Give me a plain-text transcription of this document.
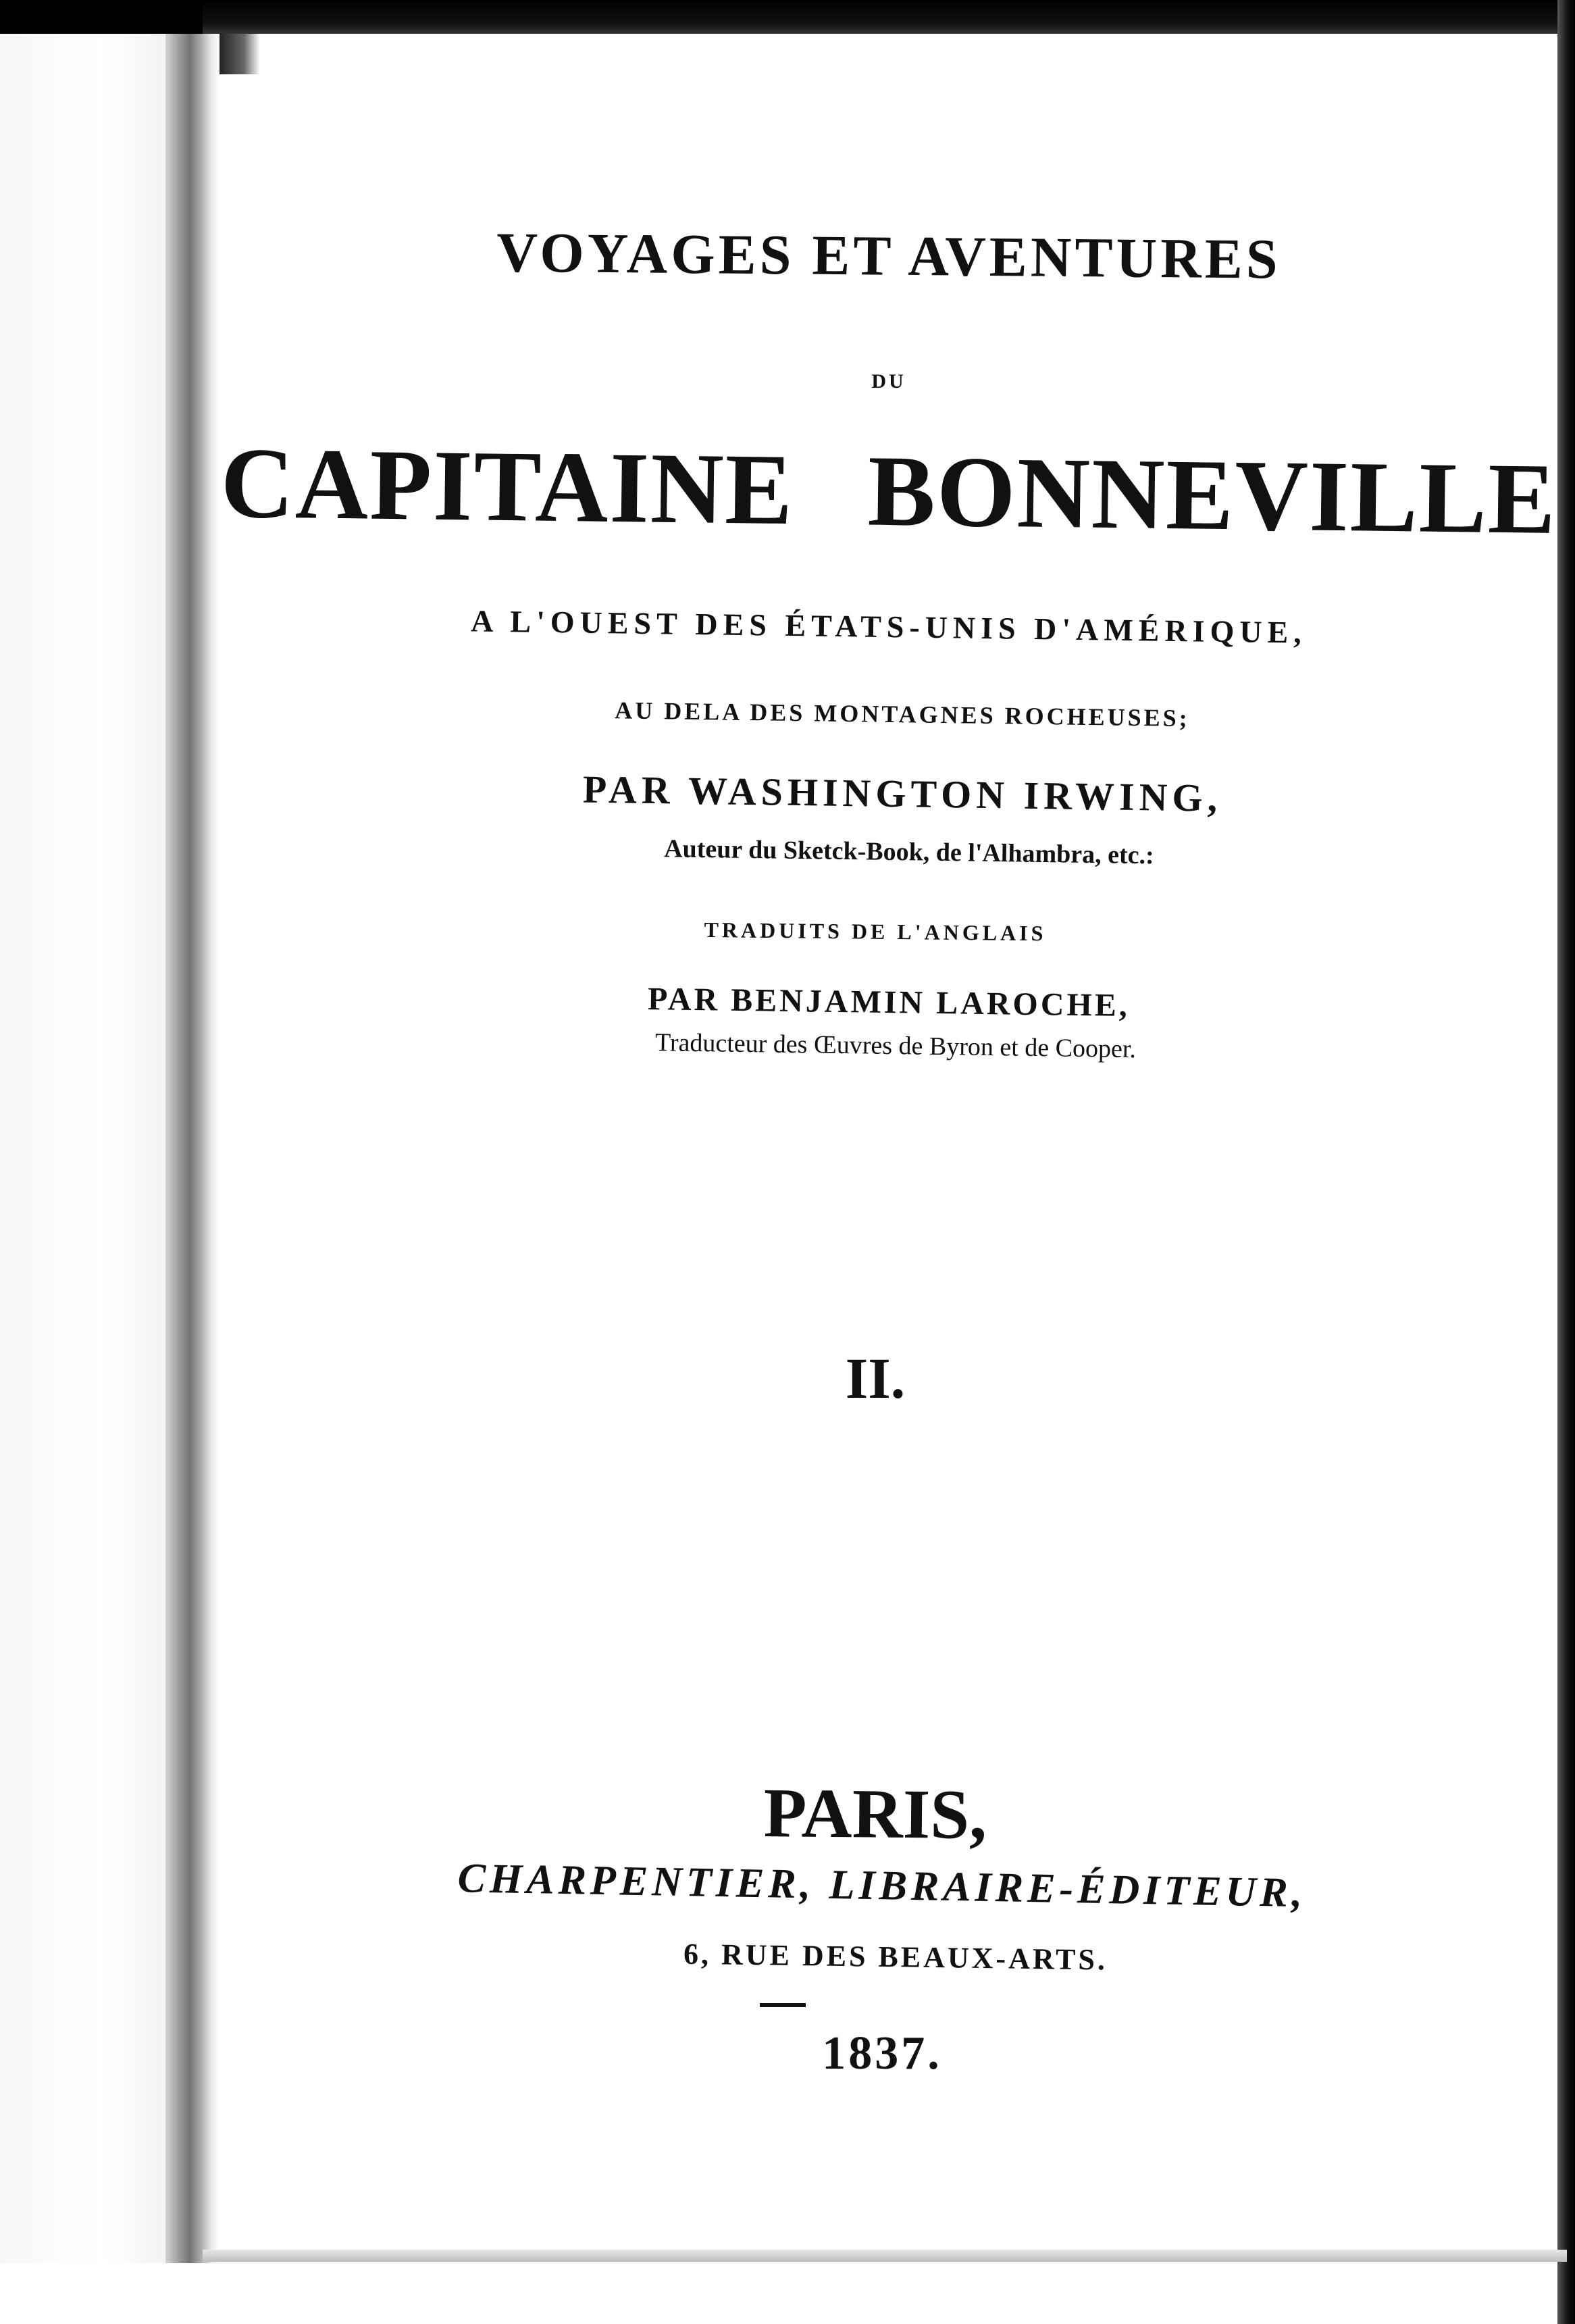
VOYAGES ET AVENTURES

DU

CAPITAINE BONNEVILLE

A L'OUEST DES ÉTATS-UNIS D'AMÉRIQUE,

AU DELA DES MONTAGNES ROCHEUSES;

PAR WASHINGTON IRWING,

Auteur du Sketck-Book, de l'Alhambra, etc.:

TRADUITS DE L'ANGLAIS

PAR BENJAMIN LAROCHE,

Traducteur des Œuvres de Byron et de Cooper.

II.

PARIS,

CHARPENTIER, LIBRAIRE-ÉDITEUR,

6, RUE DES BEAUX-ARTS.

1837.
